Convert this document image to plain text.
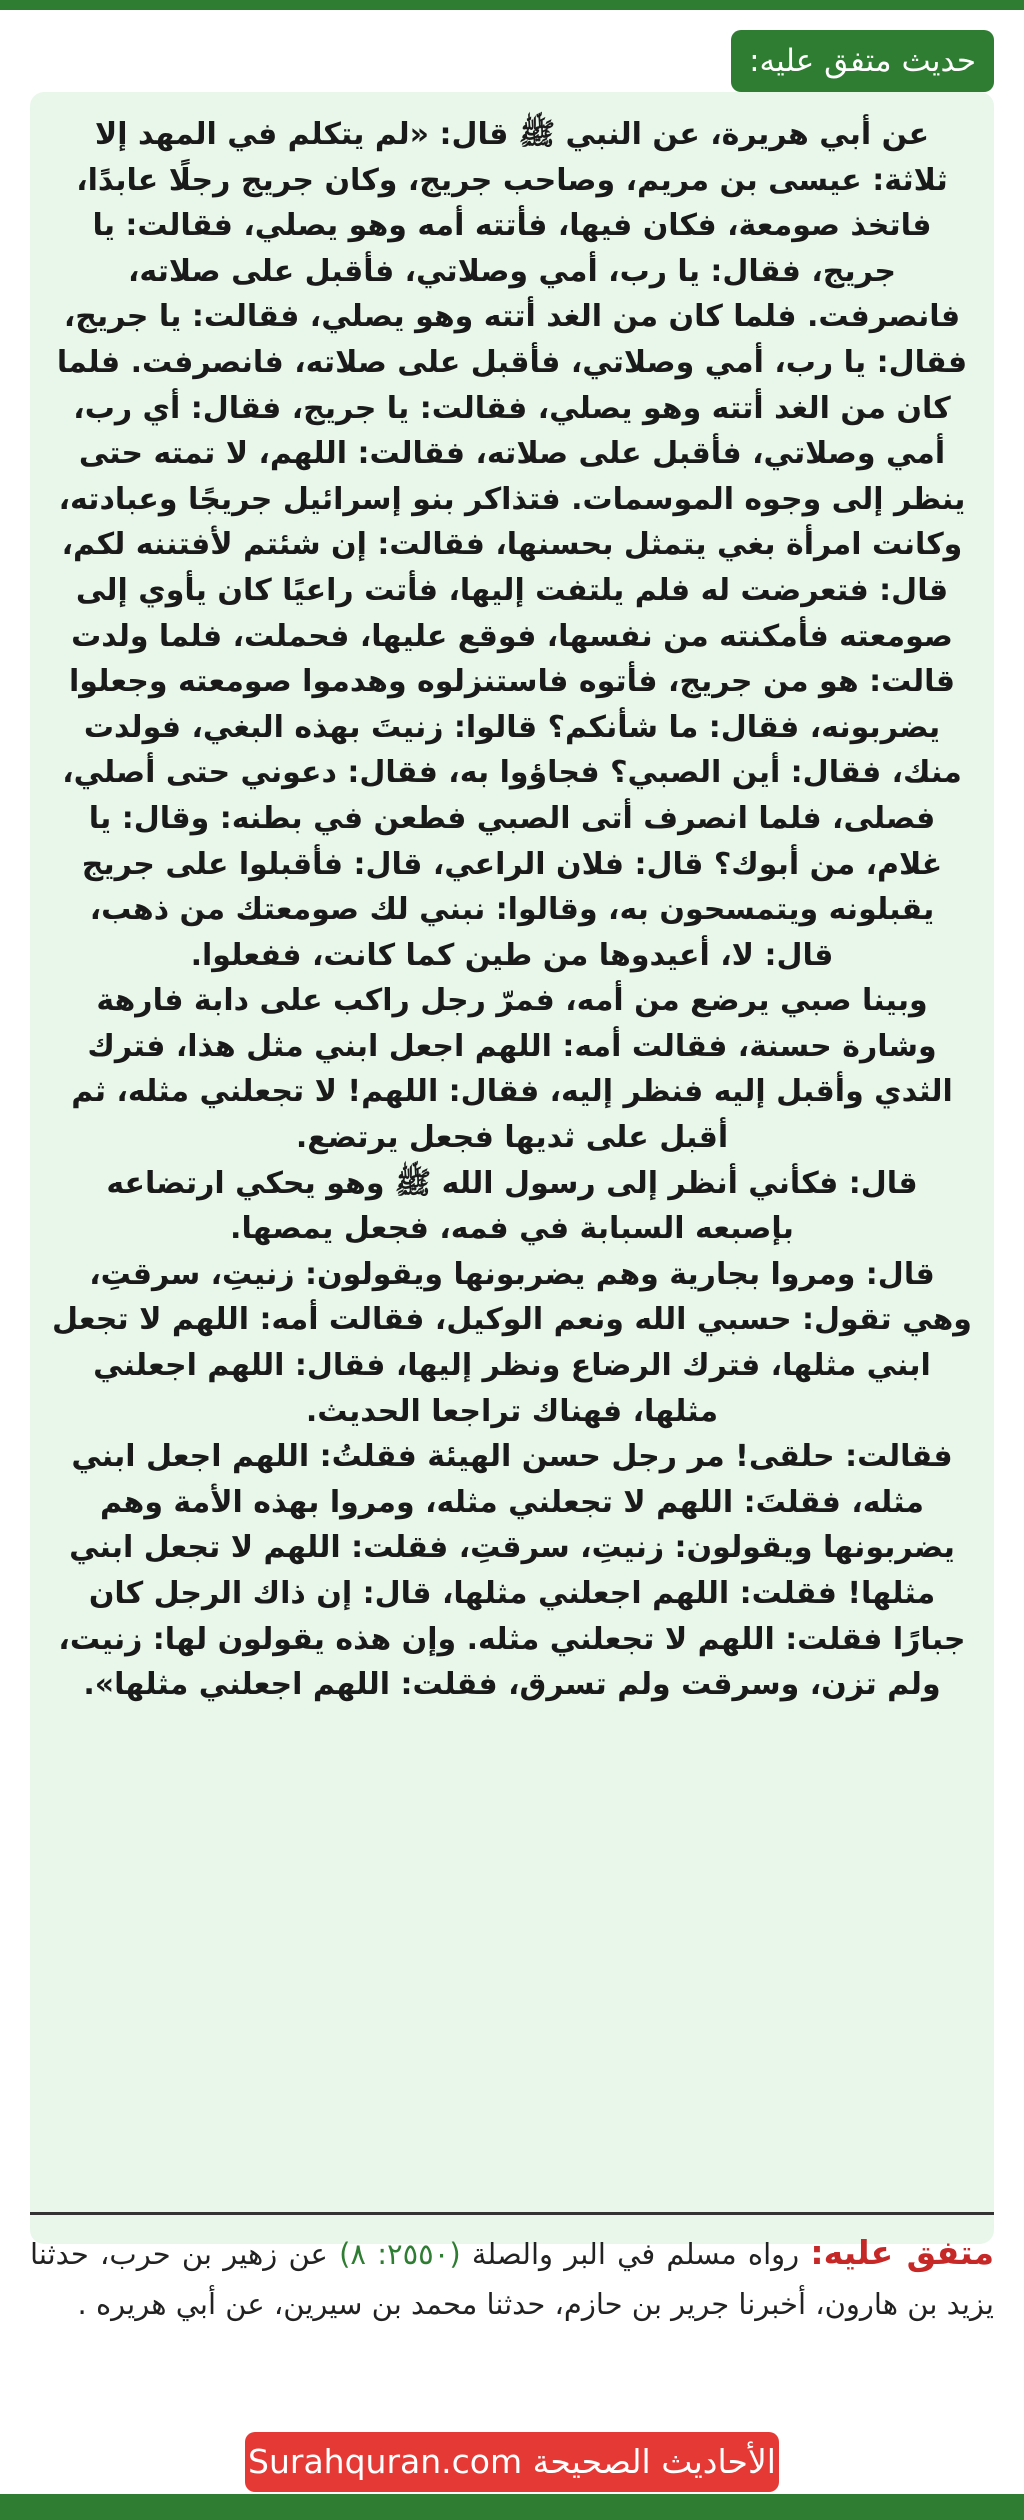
حديث متفق عليه:

عن أبي هريرة، عن النبي ﷺ قال: «لم يتكلم في المهد إلا ثلاثة: عيسى بن مريم، وصاحب جريج، وكان جريج رجلًا عابدًا، فاتخذ صومعة، فكان فيها، فأتته أمه وهو يصلي، فقالت: يا جريج، فقال: يا رب، أمي وصلاتي، فأقبل على صلاته، فانصرفت. فلما كان من الغد أتته وهو يصلي، فقالت: يا جريج، فقال: يا رب، أمي وصلاتي، فأقبل على صلاته، فانصرفت. فلما كان من الغد أتته وهو يصلي، فقالت: يا جريج، فقال: أي رب، أمي وصلاتي، فأقبل على صلاته، فقالت: اللهم، لا تمته حتى ينظر إلى وجوه الموسمات. فتذاكر بنو إسرائيل جريجًا وعبادته، وكانت امرأة بغي يتمثل بحسنها، فقالت: إن شئتم لأفتننه لكم، قال: فتعرضت له فلم يلتفت إليها، فأتت راعيًا كان يأوي إلى صومعته فأمكنته من نفسها، فوقع عليها، فحملت، فلما ولدت قالت: هو من جريج، فأتوه فاستنزلوه وهدموا صومعته وجعلوا يضربونه، فقال: ما شأنكم؟ قالوا: زنيتَ بهذه البغي، فولدت منك، فقال: أين الصبي؟ فجاؤوا به، فقال: دعوني حتى أصلي، فصلى، فلما انصرف أتى الصبي فطعن في بطنه: وقال: يا غلام، من أبوك؟ قال: فلان الراعي، قال: فأقبلوا على جريج يقبلونه ويتمسحون به، وقالوا: نبني لك صومعتك من ذهب، قال: لا، أعيدوها من طين كما كانت، ففعلوا.

وبينا صبي يرضع من أمه، فمرّ رجل راكب على دابة فارهة وشارة حسنة، فقالت أمه: اللهم اجعل ابني مثل هذا، فترك الثدي وأقبل إليه فنظر إليه، فقال: اللهم! لا تجعلني مثله، ثم أقبل على ثديها فجعل يرتضع.

قال: فكأني أنظر إلى رسول الله ﷺ وهو يحكي ارتضاعه بإصبعه السبابة في فمه، فجعل يمصها.

قال: ومروا بجارية وهم يضربونها ويقولون: زنيتِ، سرقتِ، وهي تقول: حسبي الله ونعم الوكيل، فقالت أمه: اللهم لا تجعل ابني مثلها، فترك الرضاع ونظر إليها، فقال: اللهم اجعلني مثلها، فهناك تراجعا الحديث.

فقالت: حلقى! مر رجل حسن الهيئة فقلتُ: اللهم اجعل ابني مثله، فقلتَ: اللهم لا تجعلني مثله، ومروا بهذه الأمة وهم يضربونها ويقولون: زنيتِ، سرقتِ، فقلت: اللهم لا تجعل ابني مثلها! فقلت: اللهم اجعلني مثلها، قال: إن ذاك الرجل كان جبارًا فقلت: اللهم لا تجعلني مثله. وإن هذه يقولون لها: زنيت، ولم تزن، وسرقت ولم تسرق، فقلت: اللهم اجعلني مثلها».

متفق عليه: رواه مسلم في البر والصلة (٢٥٥٠: ٨) عن زهير بن حرب، حدثنا يزيد بن هارون، أخبرنا جرير بن حازم، حدثنا محمد بن سيرين، عن أبي هريره .
الأحاديث الصحيحة Surahquran.com
